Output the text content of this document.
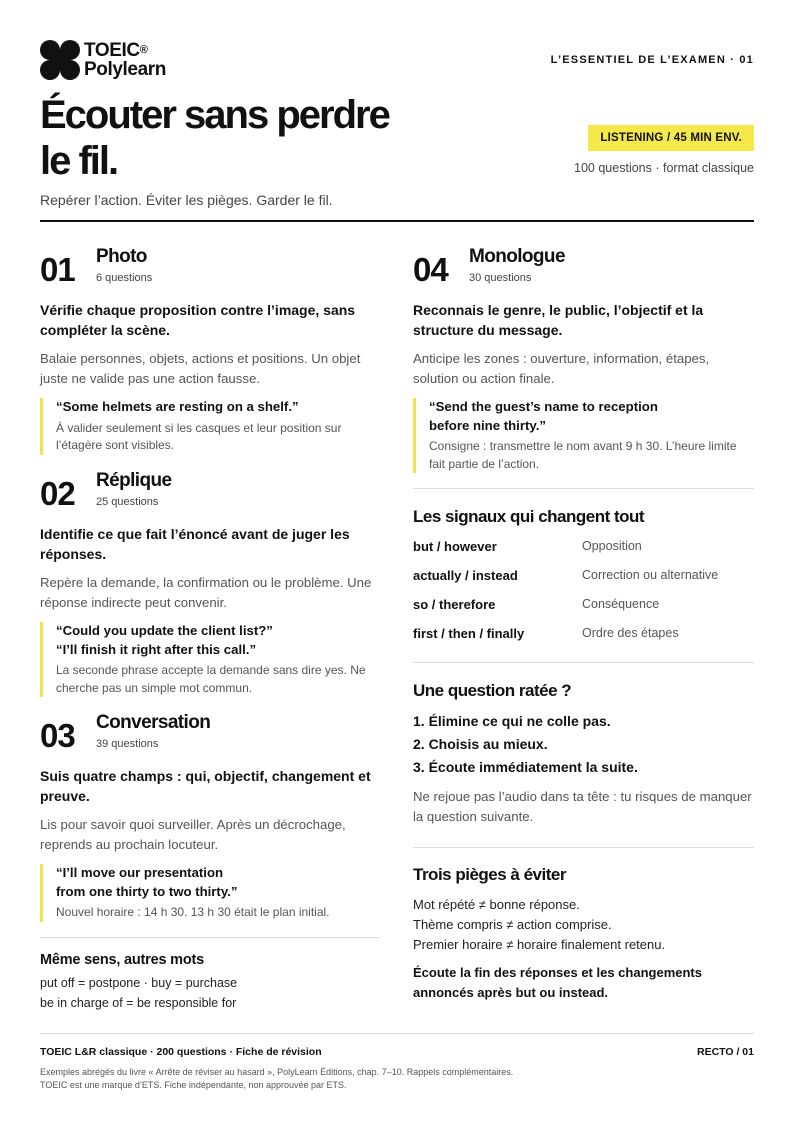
TOEIC®
Polylearn	L’ESSENTIEL DE L’EXAMEN · 01
Écouter sans perdre le fil.
Repérer l’action. Éviter les pièges. Garder le fil.
LISTENING / 45 MIN ENV.
100 questions · format classique
01 Photo
6 questions
Vérifie chaque proposition contre l’image, sans compléter la scène.
Balaie personnes, objets, actions et positions. Un objet juste ne valide pas une action fausse.
“Some helmets are resting on a shelf.”
À valider seulement si les casques et leur position sur l’étagère sont visibles.
02 Réplique
25 questions
Identifie ce que fait l’énoncé avant de juger les réponses.
Repère la demande, la confirmation ou le problème. Une réponse indirecte peut convenir.
“Could you update the client list?”
“I’ll finish it right after this call.”
La seconde phrase accepte la demande sans dire yes. Ne cherche pas un simple mot commun.
03 Conversation
39 questions
Suis quatre champs : qui, objectif, changement et preuve.
Lis pour savoir quoi surveiller. Après un décrochage, reprends au prochain locuteur.
“I’ll move our presentation
from one thirty to two thirty.”
Nouvel horaire : 14 h 30. 13 h 30 était le plan initial.
Même sens, autres mots
put off = postpone · buy = purchase
be in charge of = be responsible for
04 Monologue
30 questions
Reconnais le genre, le public, l’objectif et la structure du message.
Anticipe les zones : ouverture, information, étapes, solution ou action finale.
“Send the guest’s name to reception
before nine thirty.”
Consigne : transmettre le nom avant 9 h 30. L’heure limite fait partie de l’action.
Les signaux qui changent tout
but / however	Opposition
actually / instead	Correction ou alternative
so / therefore	Conséquence
first / then / finally	Ordre des étapes
Une question ratée ?
1. Élimine ce qui ne colle pas.
2. Choisis au mieux.
3. Écoute immédiatement la suite.
Ne rejoue pas l’audio dans ta tête : tu risques de manquer la question suivante.
Trois pièges à éviter
Mot répété ≠ bonne réponse.
Thème compris ≠ action comprise.
Premier horaire ≠ horaire finalement retenu.
Écoute la fin des réponses et les changements annoncés après but ou instead.
TOEIC L&R classique · 200 questions · Fiche de révision	RECTO / 01
Exemples abrégés du livre « Arrête de réviser au hasard », PolyLearn Éditions, chap. 7–10. Rappels complémentaires.
TOEIC est une marque d’ETS. Fiche indépendante, non approuvée par ETS.
